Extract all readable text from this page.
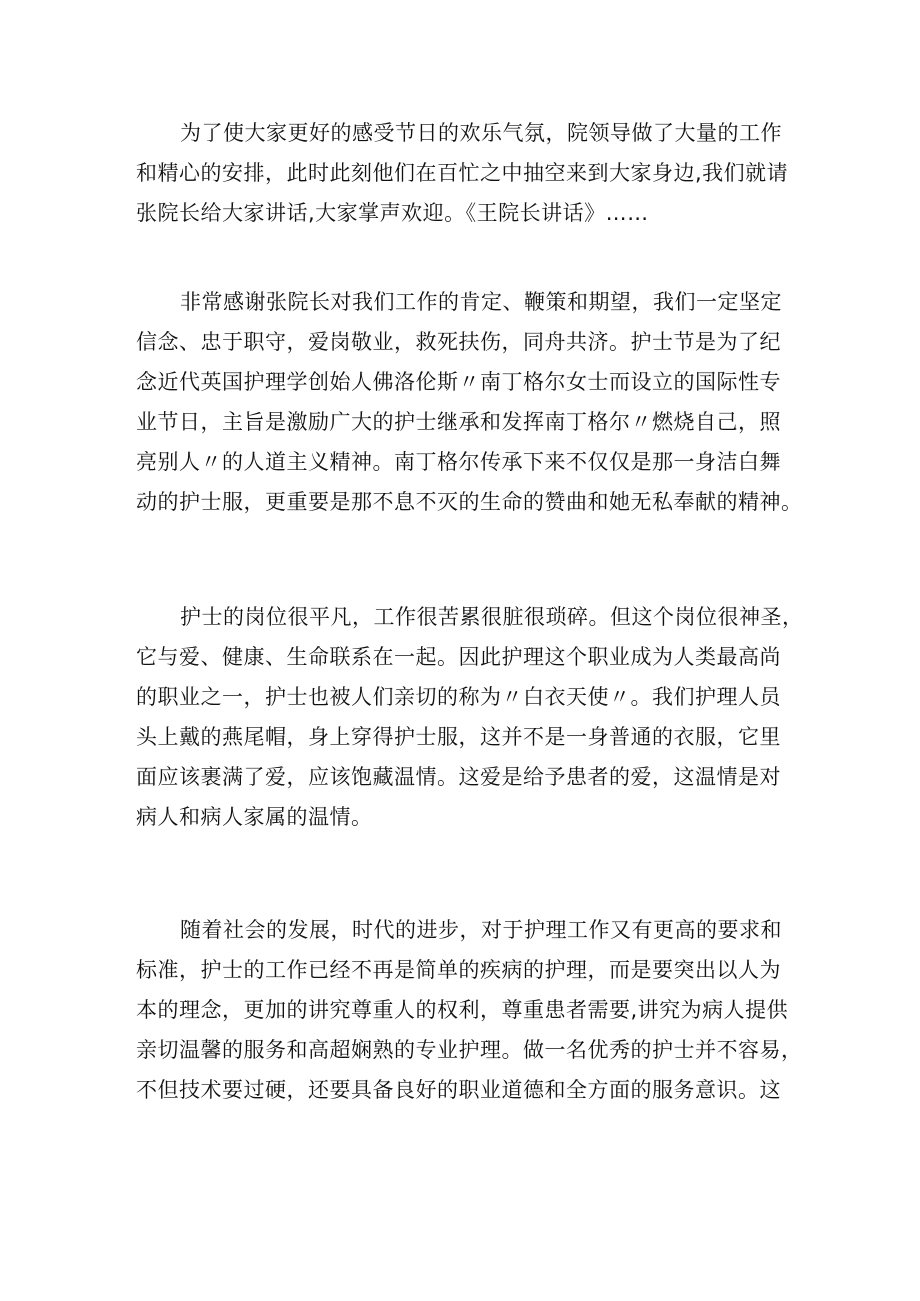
为了使大家更好的感受节日的欢乐气氛，院领导做了大量的工作
和精心的安排，此时此刻他们在百忙之中抽空来到大家身边,我们就请
张院长给大家讲话,大家掌声欢迎。《王院长讲话》……

非常感谢张院长对我们工作的肯定、鞭策和期望，我们一定坚定
信念、忠于职守，爱岗敬业，救死扶伤，同舟共济。护士节是为了纪
念近代英国护理学创始人佛洛伦斯〃南丁格尔女士而设立的国际性专
业节日，主旨是激励广大的护士继承和发挥南丁格尔〃燃烧自己，照
亮别人〃的人道主义精神。南丁格尔传承下来不仅仅是那一身洁白舞
动的护士服，更重要是那不息不灭的生命的赞曲和她无私奉献的精神。

护士的岗位很平凡，工作很苦累很脏很琐碎。但这个岗位很神圣，
它与爱、健康、生命联系在一起。因此护理这个职业成为人类最高尚
的职业之一，护士也被人们亲切的称为〃白衣天使〃。我们护理人员
头上戴的燕尾帽，身上穿得护士服，这并不是一身普通的衣服，它里
面应该裹满了爱，应该饱藏温情。这爱是给予患者的爱，这温情是对
病人和病人家属的温情。

随着社会的发展，时代的进步，对于护理工作又有更高的要求和
标准，护士的工作已经不再是简单的疾病的护理，而是要突出以人为
本的理念，更加的讲究尊重人的权利，尊重患者需要,讲究为病人提供
亲切温馨的服务和高超娴熟的专业护理。做一名优秀的护士并不容易，
不但技术要过硬，还要具备良好的职业道德和全方面的服务意识。这
